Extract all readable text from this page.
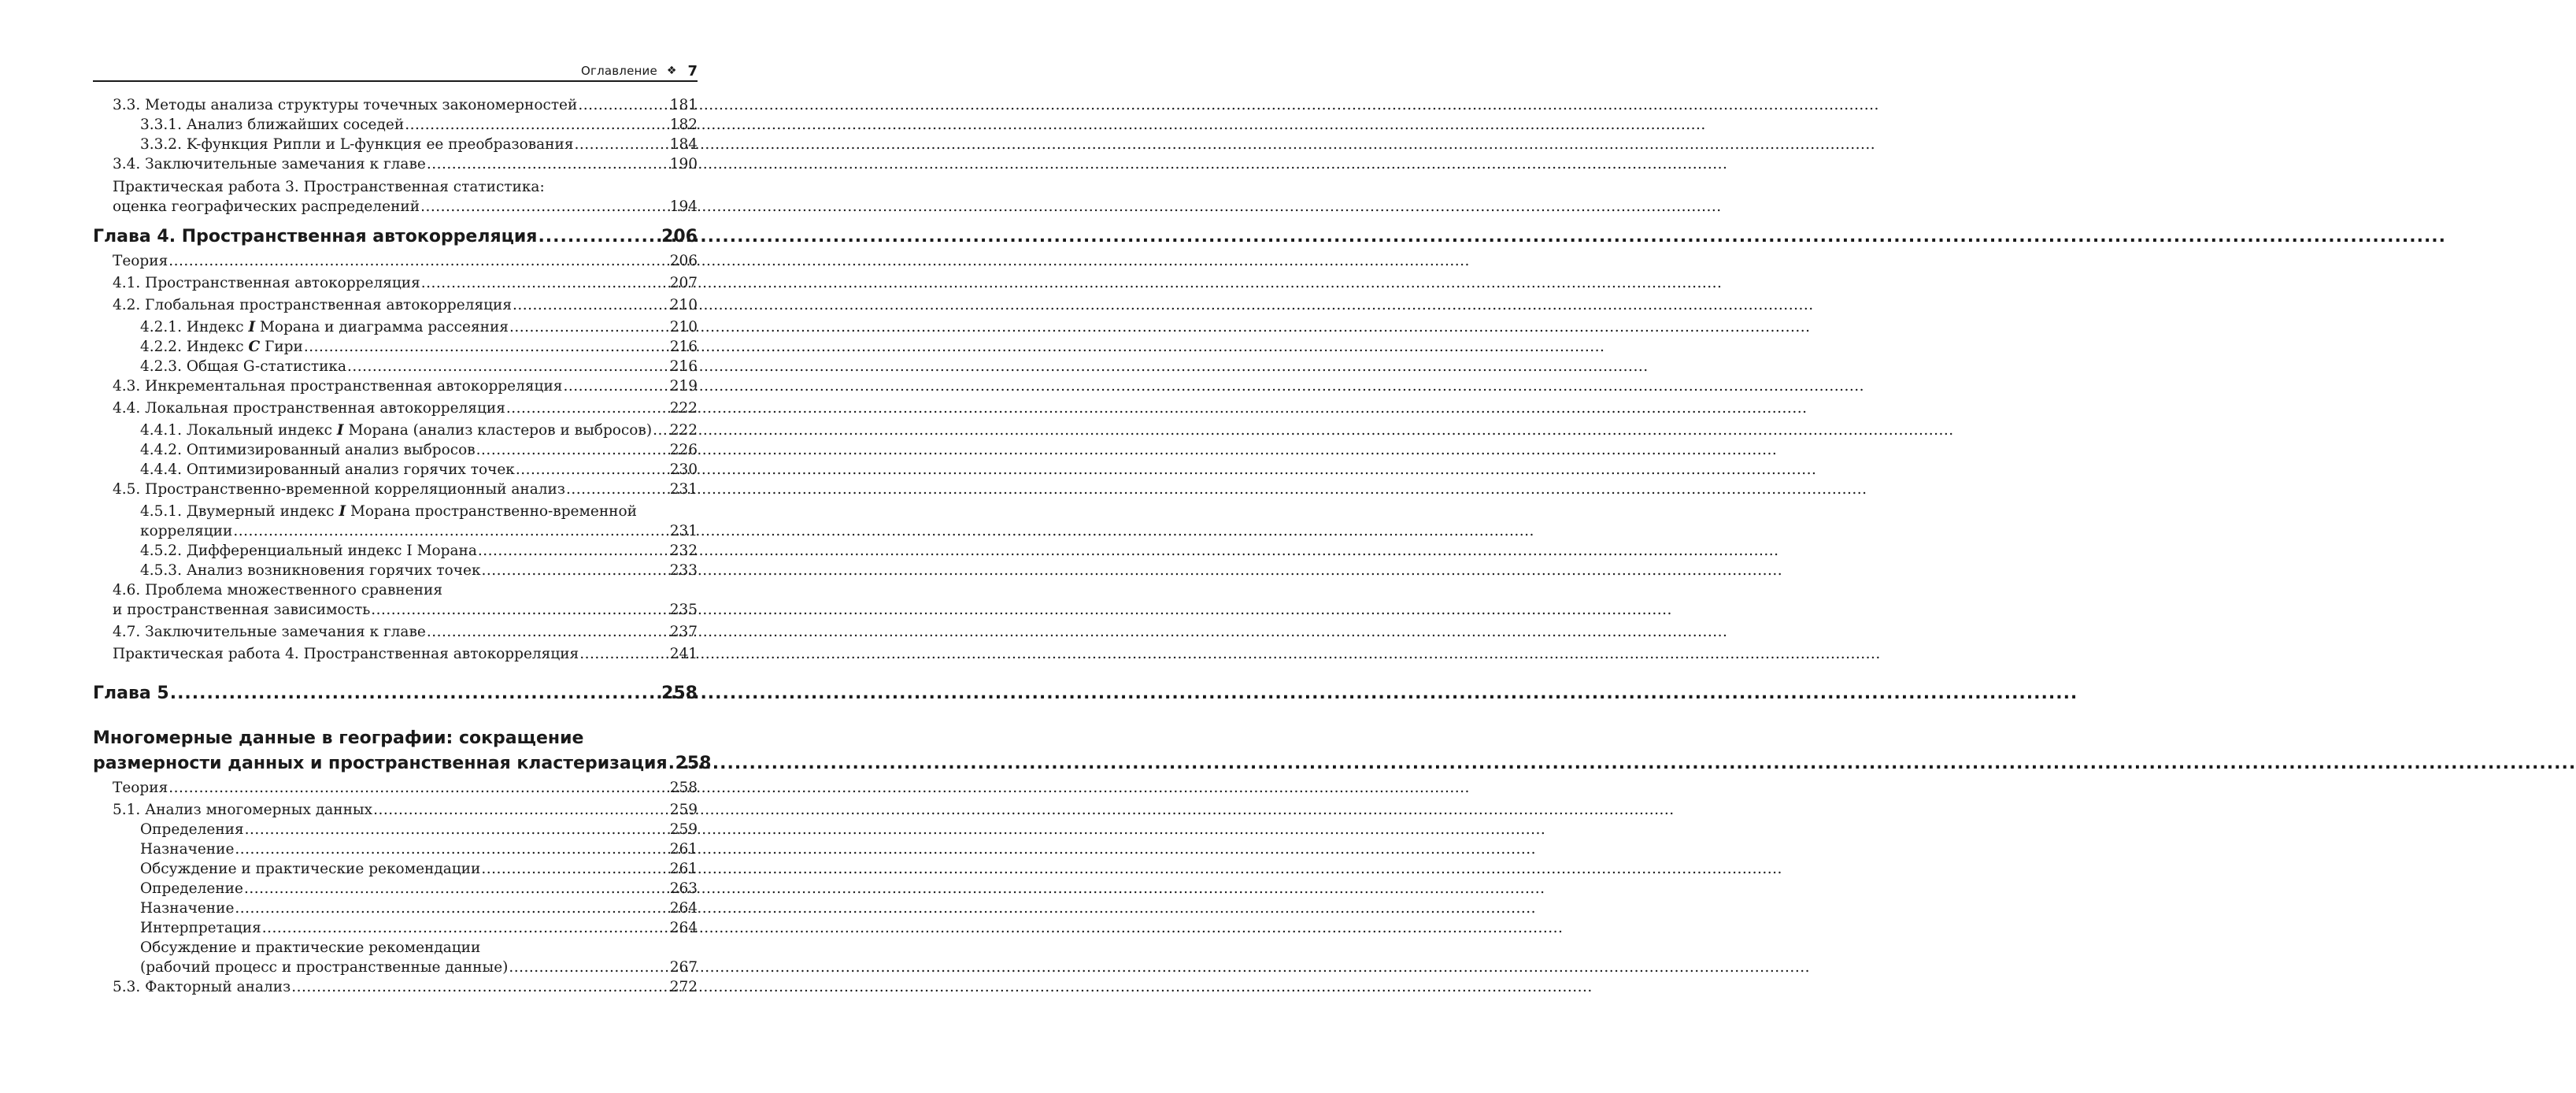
Оглавление ❖ 7
3.3. Методы анализа структуры точечных закономерностей .....	181
3.3.1. Анализ ближайших соседей .....	182
3.3.2. K-функция Рипли и L-функция ее преобразования .....	184
3.4. Заключительные замечания к главе .....	190
Практическая работа 3. Пространственная статистика:
оценка географических распределений .....	194
Глава 4. Пространственная автокорреляция .....	206
Теория .....	206
4.1. Пространственная автокорреляция .....	207
4.2. Глобальная пространственная автокорреляция .....	210
4.2.1. Индекс I Морана и диаграмма рассеяния .....	210
4.2.2. Индекс C Гири .....	216
4.2.3. Общая G-статистика .....	216
4.3. Инкрементальная пространственная автокорреляция .....	219
4.4. Локальная пространственная автокорреляция .....	222
4.4.1. Локальный индекс I Морана (анализ кластеров и выбросов) ..... 222
4.4.2. Оптимизированный анализ выбросов .....	226
4.4.4. Оптимизированный анализ горячих точек .....	230
4.5. Пространственно-временной корреляционный анализ .....	231
4.5.1. Двумерный индекс I Морана пространственно-временной
корреляции .....	231
4.5.2. Дифференциальный индекс I Морана .....	232
4.5.3. Анализ возникновения горячих точек .....	233
4.6. Проблема множественного сравнения
и пространственная зависимость .....	235
4.7. Заключительные замечания к главе .....	237
Практическая работа 4. Пространственная автокорреляция .....	241
Глава 5 .....	258
Многомерные данные в географии: сокращение
размерности данных и пространственная кластеризация ..... 258
Теория .....	258
5.1. Анализ многомерных данных .....	259
Определения .....	259
Назначение .....	261
Обсуждение и практические рекомендации .....	261
Определение .....	263
Назначение .....	264
Интерпретация .....	264
Обсуждение и практические рекомендации
(рабочий процесс и пространственные данные) .....	267
5.3. Факторный анализ .....	272
